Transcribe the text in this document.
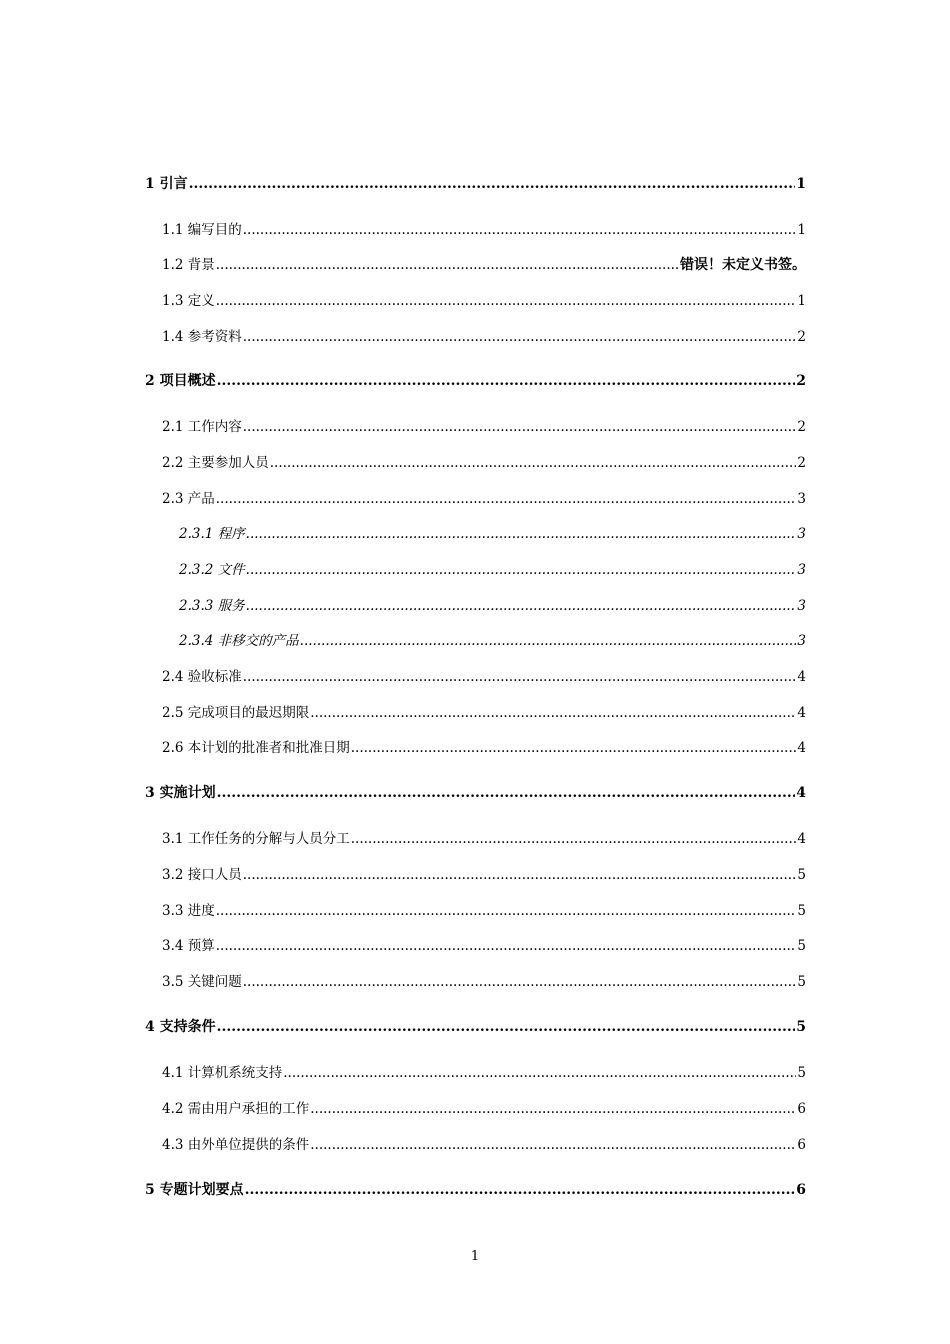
1 引言 .....	1
1.1 编写目的 .....	1
1.2 背景 .....	错误！未定义书签。
1.3 定义 .....	1
1.4 参考资料 .....	2
2 项目概述 .....	2
2.1 工作内容 .....	2
2.2 主要参加人员 .....	2
2.3 产品 .....	3
2.3.1 程序 .....	3
2.3.2 文件 .....	3
2.3.3 服务 .....	3
2.3.4 非移交的产品 .....	3
2.4 验收标准 .....	4
2.5 完成项目的最迟期限 .....	4
2.6 本计划的批准者和批准日期 .....	4
3 实施计划 .....	4
3.1 工作任务的分解与人员分工 .....	4
3.2 接口人员 .....	5
3.3 进度 .....	5
3.4 预算 .....	5
3.5 关键问题 .....	5
4 支持条件 .....	5
4.1 计算机系统支持 .....	5
4.2 需由用户承担的工作 .....	6
4.3 由外单位提供的条件 .....	6
5 专题计划要点 .....	6
1
